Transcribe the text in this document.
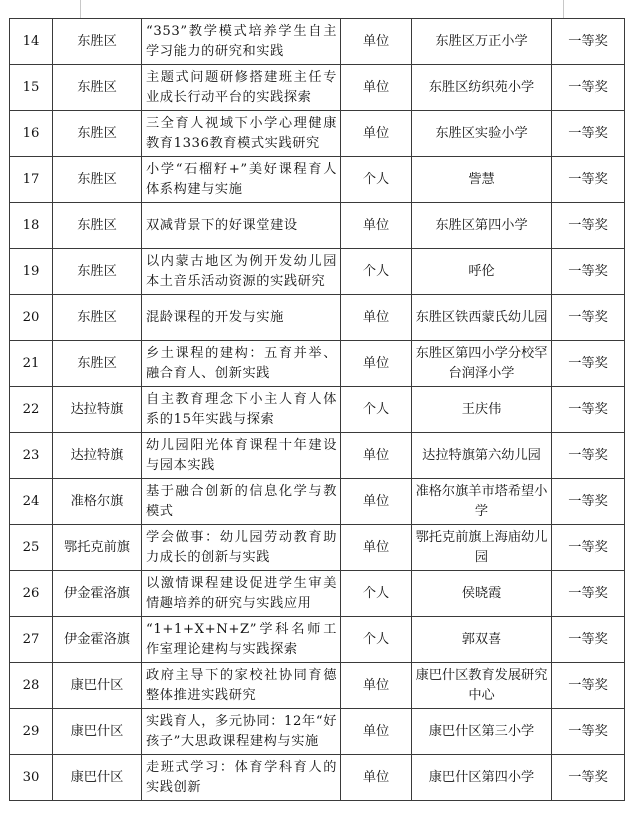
14	东胜区	“353”教学模式培养学生自主学习能力的研究和实践	单位	东胜区万正小学	一等奖
15	东胜区	主题式问题研修搭建班主任专业成长行动平台的实践探索	单位	东胜区纺织苑小学	一等奖
16	东胜区	三全育人视域下小学心理健康教育1336教育模式实践研究	单位	东胜区实验小学	一等奖
17	东胜区	小学“石榴籽+”美好课程育人体系构建与实施	个人	訾慧	一等奖
18	东胜区	双减背景下的好课堂建设	单位	东胜区第四小学	一等奖
19	东胜区	以内蒙古地区为例开发幼儿园本土音乐活动资源的实践研究	个人	呼伦	一等奖
20	东胜区	混龄课程的开发与实施	单位	东胜区铁西蒙氏幼儿园	一等奖
21	东胜区	乡土课程的建构：五育并举、融合育人、创新实践	单位	东胜区第四小学分校罕台润泽小学	一等奖
22	达拉特旗	自主教育理念下小主人育人体系的15年实践与探索	个人	王庆伟	一等奖
23	达拉特旗	幼儿园阳光体育课程十年建设与园本实践	单位	达拉特旗第六幼儿园	一等奖
24	准格尔旗	基于融合创新的信息化学与教模式	单位	准格尔旗羊市塔希望小学	一等奖
25	鄂托克前旗	学会做事：幼儿园劳动教育助力成长的创新与实践	单位	鄂托克前旗上海庙幼儿园	一等奖
26	伊金霍洛旗	以激情课程建设促进学生审美情趣培养的研究与实践应用	个人	侯晓霞	一等奖
27	伊金霍洛旗	“1+1+X+N+Z”学科名师工作室理论建构与实践探索	个人	郭双喜	一等奖
28	康巴什区	政府主导下的家校社协同育德整体推进实践研究	单位	康巴什区教育发展研究中心	一等奖
29	康巴什区	实践育人，多元协同：12年“好孩子”大思政课程建构与实施	单位	康巴什区第三小学	一等奖
30	康巴什区	走班式学习：体育学科育人的实践创新	单位	康巴什区第四小学	一等奖
